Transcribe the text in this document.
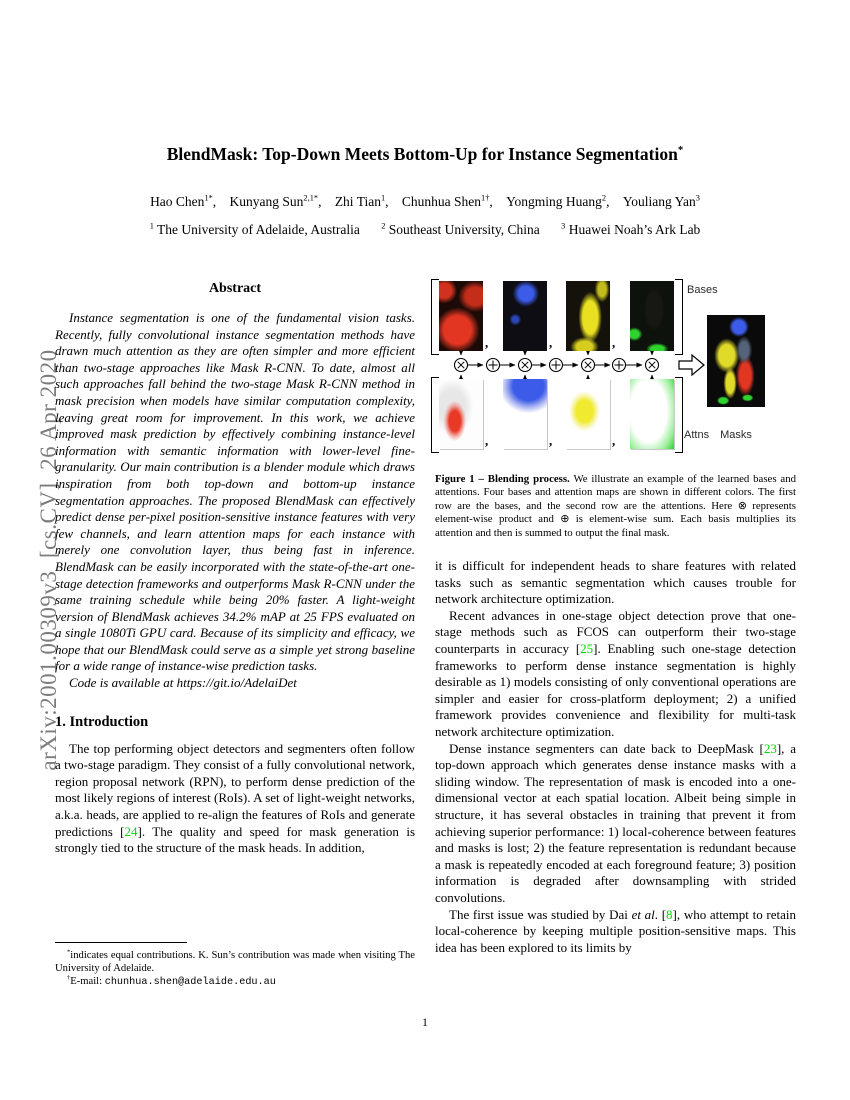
arXiv:2001.00309v3  [cs.CV]  26 Apr 2020
BlendMask: Top-Down Meets Bottom-Up for Instance Segmentation*
Hao Chen$^{1*}$, Kunyang Sun$^{2,1*}$, Zhi Tian$^1$, Chunhua Shen$^{1\dagger}$, Yongming Huang$^2$, Youliang Yan$^3$
$^1$ The University of Adelaide, Australia	$^2$ Southeast University, China	$^3$ Huawei Noah’s Ark Lab
Abstract

Instance segmentation is one of the fundamental vision tasks. Recently, fully convolutional instance segmentation methods have drawn much attention as they are often simpler and more efficient than two-stage approaches like Mask R-CNN. To date, almost all such approaches fall behind the two-stage Mask R-CNN method in mask precision when models have similar computation complexity, leaving great room for improvement. In this work, we achieve improved mask prediction by effectively combining instance-level information with semantic information with lower-level fine-granularity. Our main contribution is a blender module which draws inspiration from both top-down and bottom-up instance segmentation approaches. The proposed BlendMask can effectively predict dense per-pixel position-sensitive instance features with very few channels, and learn attention maps for each instance with merely one convolution layer, thus being fast in inference. BlendMask can be easily incorporated with the state-of-the-art one-stage detection frameworks and outperforms Mask R-CNN under the same training schedule while being 20% faster. A light-weight version of BlendMask achieves 34.2% mAP at 25 FPS evaluated on a single 1080Ti GPU card. Because of its simplicity and efficacy, we hope that our BlendMask could serve as a simple yet strong baseline for a wide range of instance-wise prediction tasks.

Code is available at https://git.io/AdelaiDet

1. Introduction

The top performing object detectors and segmenters often follow a two-stage paradigm. They consist of a fully convolutional network, region proposal network (RPN), to perform dense prediction of the most likely regions of interest (RoIs). A set of light-weight networks, a.k.a. heads, are applied to re-align the features of RoIs and generate predictions [24]. The quality and speed for mask generation is strongly tied to the structure of the mask heads. In addition,

*indicates equal contributions. K. Sun’s contribution was made when visiting The University of Adelaide.

†E-mail: chunhua.shen@adelaide.edu.au

,	,	,
,	,	,
Bases
Attns	Masks
Figure 1 – Blending process. We illustrate an example of the learned bases and attentions. Four bases and attention maps are shown in different colors. The first row are the bases, and the second row are the attentions. Here ⊗ represents element-wise product and ⊕ is element-wise sum. Each basis multiplies its attention and then is summed to output the final mask.

it is difficult for independent heads to share features with related tasks such as semantic segmentation which causes trouble for network architecture optimization.

Recent advances in one-stage object detection prove that one-stage methods such as FCOS can outperform their two-stage counterparts in accuracy [25]. Enabling such one-stage detection frameworks to perform dense instance segmentation is highly desirable as 1) models consisting of only conventional operations are simpler and easier for cross-platform deployment; 2) a unified framework provides convenience and flexibility for multi-task network architecture optimization.

Dense instance segmenters can date back to DeepMask [23], a top-down approach which generates dense instance masks with a sliding window. The representation of mask is encoded into a one-dimensional vector at each spatial location. Albeit being simple in structure, it has several obstacles in training that prevent it from achieving superior performance: 1) local-coherence between features and masks is lost; 2) the feature representation is redundant because a mask is repeatedly encoded at each foreground feature; 3) position information is degraded after downsampling with strided convolutions.

The first issue was studied by Dai et al. [8], who attempt to retain local-coherence by keeping multiple position-sensitive maps. This idea has been explored to its limits by

1
